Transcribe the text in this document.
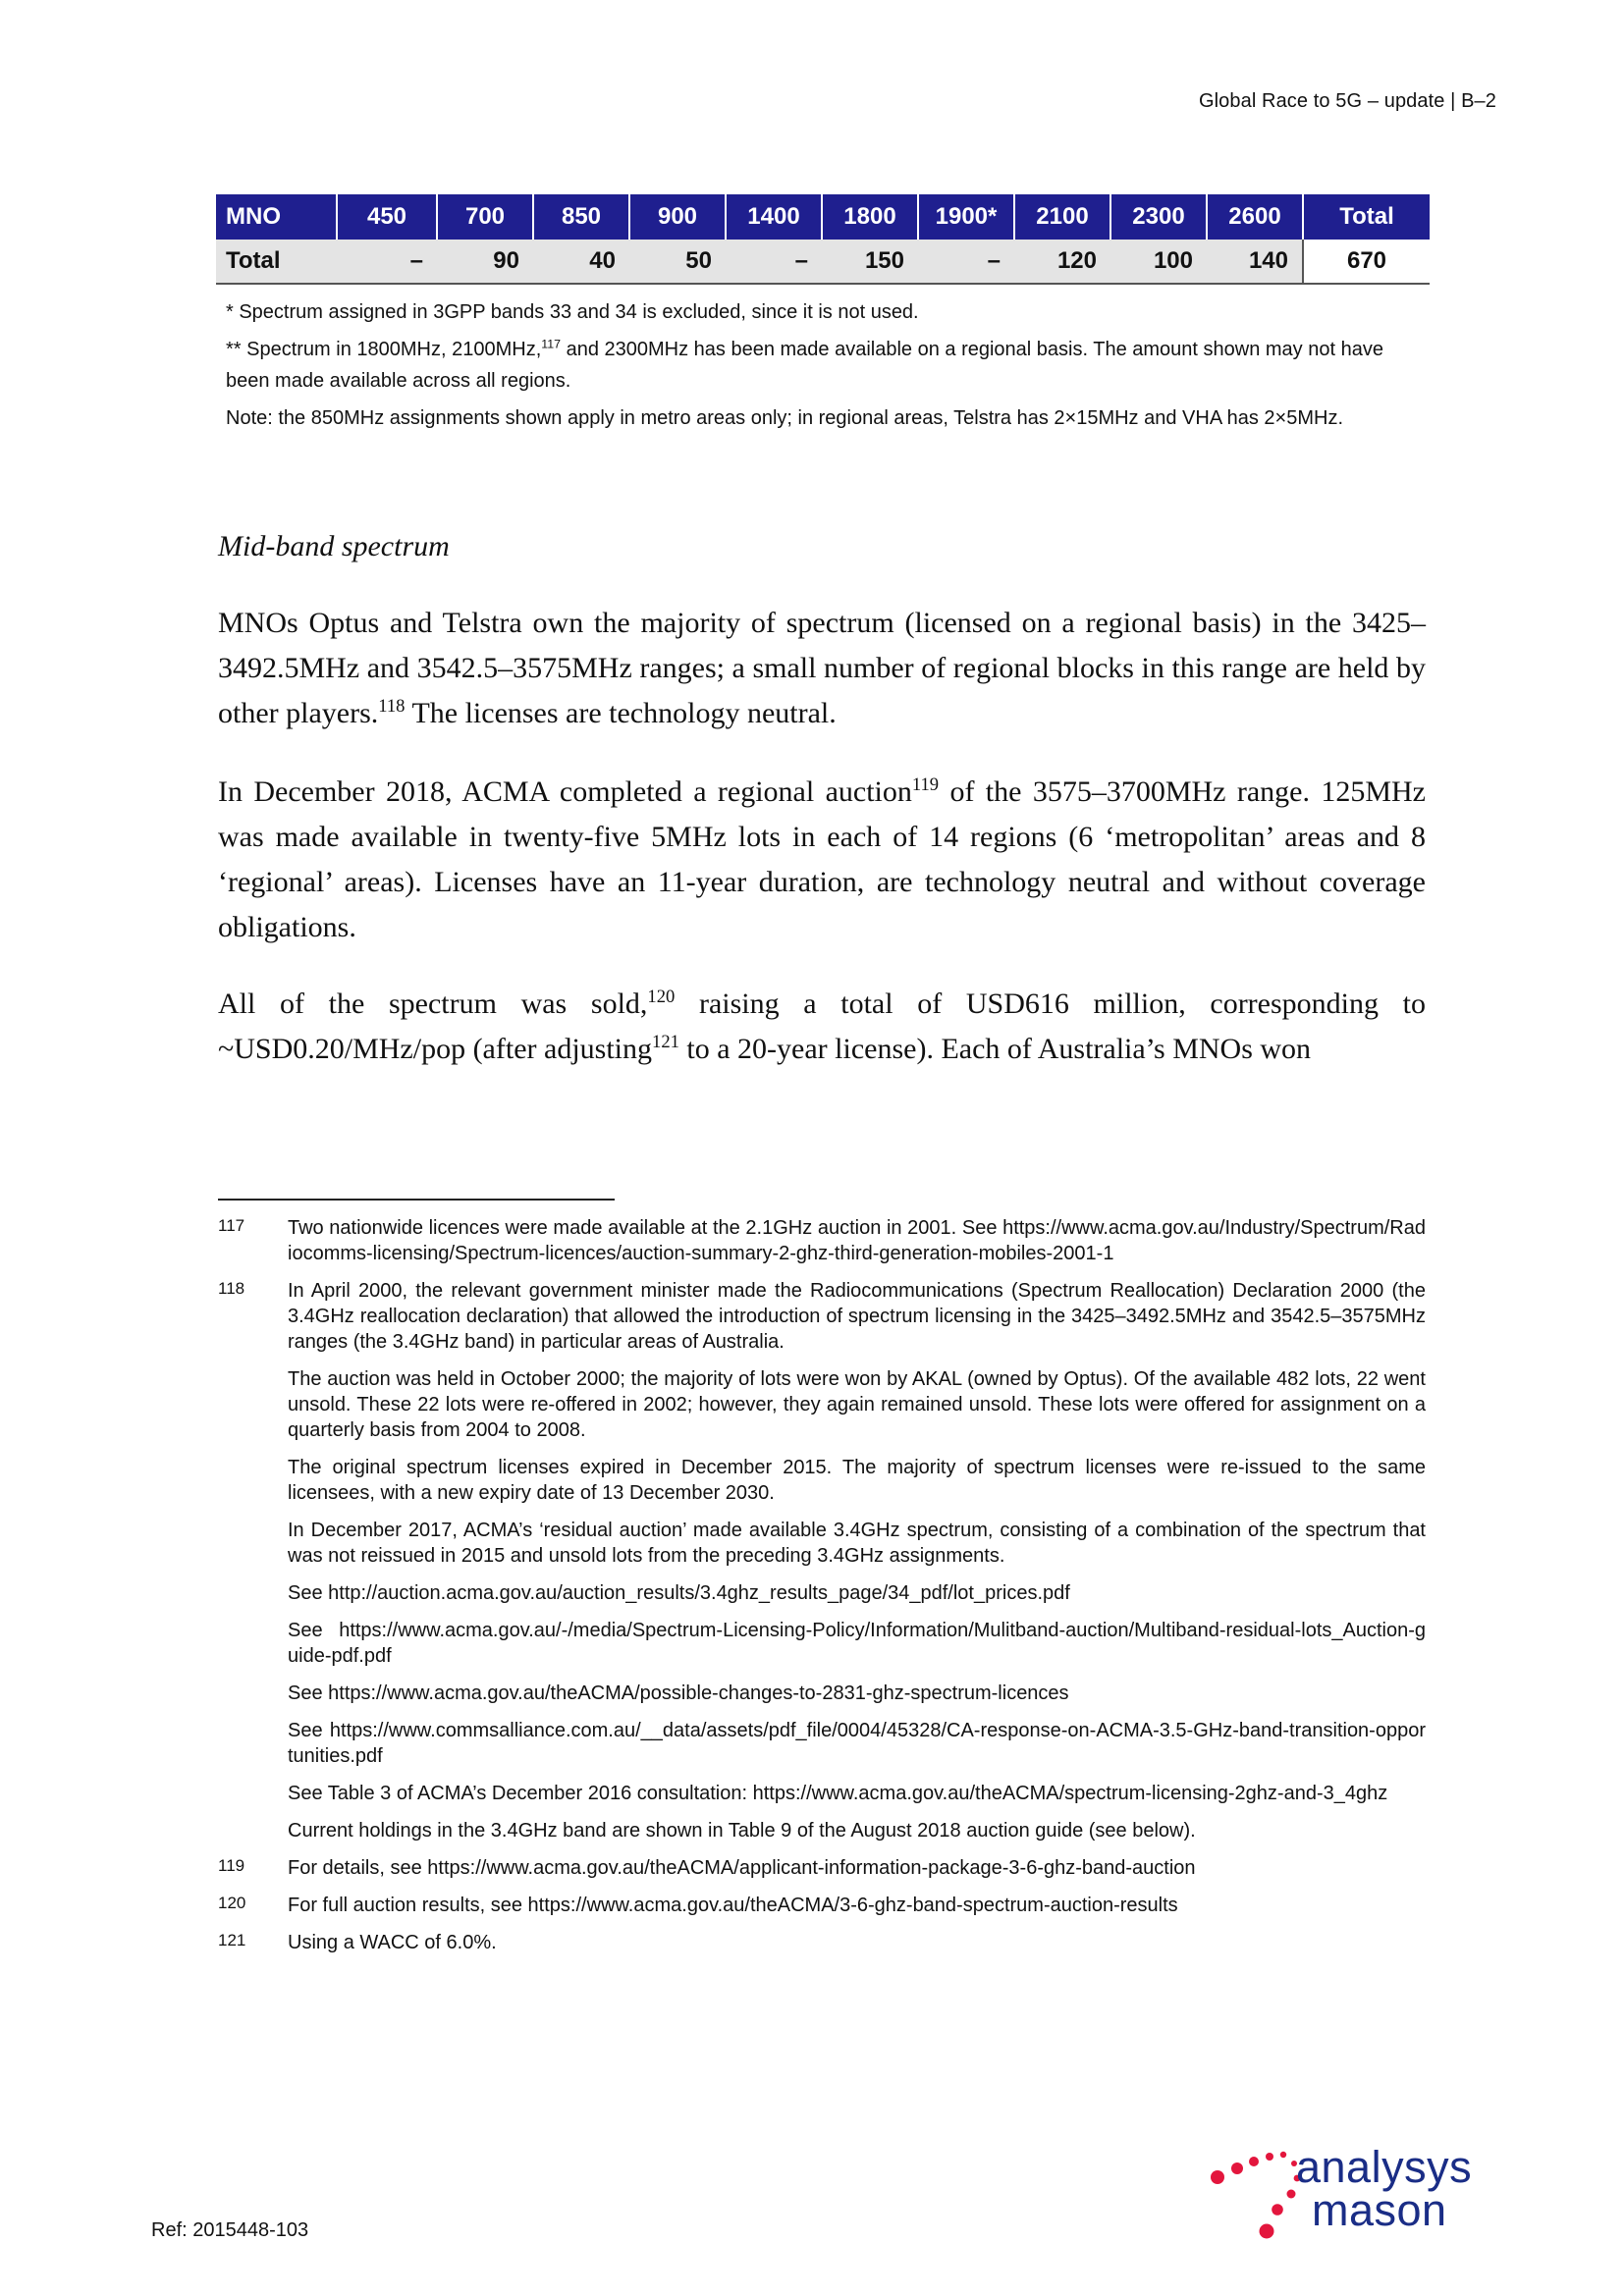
Global Race to 5G – update | B–2
MNO	450	700	850	900	1400	1800	1900*	2100	2300	2600	Total
Total	–	90	40	50	–	150	–	120	100	140	670

* Spectrum assigned in 3GPP bands 33 and 34 is excluded, since it is not used.

** Spectrum in 1800MHz, 2100MHz,$^{117}$ and 2300MHz has been made available on a regional basis. The amount shown may not have been made available across all regions.

Note: the 850MHz assignments shown apply in metro areas only; in regional areas, Telstra has 2×15MHz and VHA has 2×5MHz.

Mid-band spectrum

MNOs Optus and Telstra own the majority of spectrum (licensed on a regional basis) in the 3425–3492.5MHz and 3542.5–3575MHz ranges; a small number of regional blocks in this range are held by other players.$^{118}$ The licenses are technology neutral.

In December 2018, ACMA completed a regional auction$^{119}$ of the 3575–3700MHz range. 125MHz was made available in twenty-five 5MHz lots in each of 14 regions (6 ‘metropolitan’ areas and 8 ‘regional’ areas). Licenses have an 11-year duration, are technology neutral and without coverage obligations.

All of the spectrum was sold,$^{120}$ raising a total of USD616 million, corresponding to ~USD0.20/MHz/pop (after adjusting$^{121}$ to a 20-year license). Each of Australia’s MNOs won

117	Two nationwide licences were made available at the 2.1GHz auction in 2001. See https://www.acma.gov.au/Industry/Spectrum/Radiocomms-licensing/Spectrum-licences/auction-summary-2-ghz-third-generation-mobiles-2001-1

118	In April 2000, the relevant government minister made the Radiocommunications (Spectrum Reallocation) Declaration 2000 (the 3.4GHz reallocation declaration) that allowed the introduction of spectrum licensing in the 3425–3492.5MHz and 3542.5–3575MHz ranges (the 3.4GHz band) in particular areas of Australia.

The auction was held in October 2000; the majority of lots were won by AKAL (owned by Optus). Of the available 482 lots, 22 went unsold. These 22 lots were re-offered in 2002; however, they again remained unsold. These lots were offered for assignment on a quarterly basis from 2004 to 2008.

The original spectrum licenses expired in December 2015. The majority of spectrum licenses were re-issued to the same licensees, with a new expiry date of 13 December 2030.

In December 2017, ACMA’s ‘residual auction’ made available 3.4GHz spectrum, consisting of a combination of the spectrum that was not reissued in 2015 and unsold lots from the preceding 3.4GHz assignments.

See http://auction.acma.gov.au/auction_results/3.4ghz_results_page/34_pdf/lot_prices.pdf

See https://www.acma.gov.au/-/media/Spectrum-Licensing-Policy/Information/Mulitband-auction/Multiband-residual-lots_Auction-guide-pdf.pdf

See https://www.acma.gov.au/theACMA/possible-changes-to-2831-ghz-spectrum-licences

See https://www.commsalliance.com.au/__data/assets/pdf_file/0004/45328/CA-response-on-ACMA-3.5-GHz-band-transition-opportunities.pdf

See Table 3 of ACMA’s December 2016 consultation: https://www.acma.gov.au/theACMA/spectrum-licensing-2ghz-and-3_4ghz

Current holdings in the 3.4GHz band are shown in Table 9 of the August 2018 auction guide (see below).

119	For details, see https://www.acma.gov.au/theACMA/applicant-information-package-3-6-ghz-band-auction

120	For full auction results, see https://www.acma.gov.au/theACMA/3-6-ghz-band-spectrum-auction-results

121	Using a WACC of 6.0%.

Ref: 2015448-103
analysys
mason
